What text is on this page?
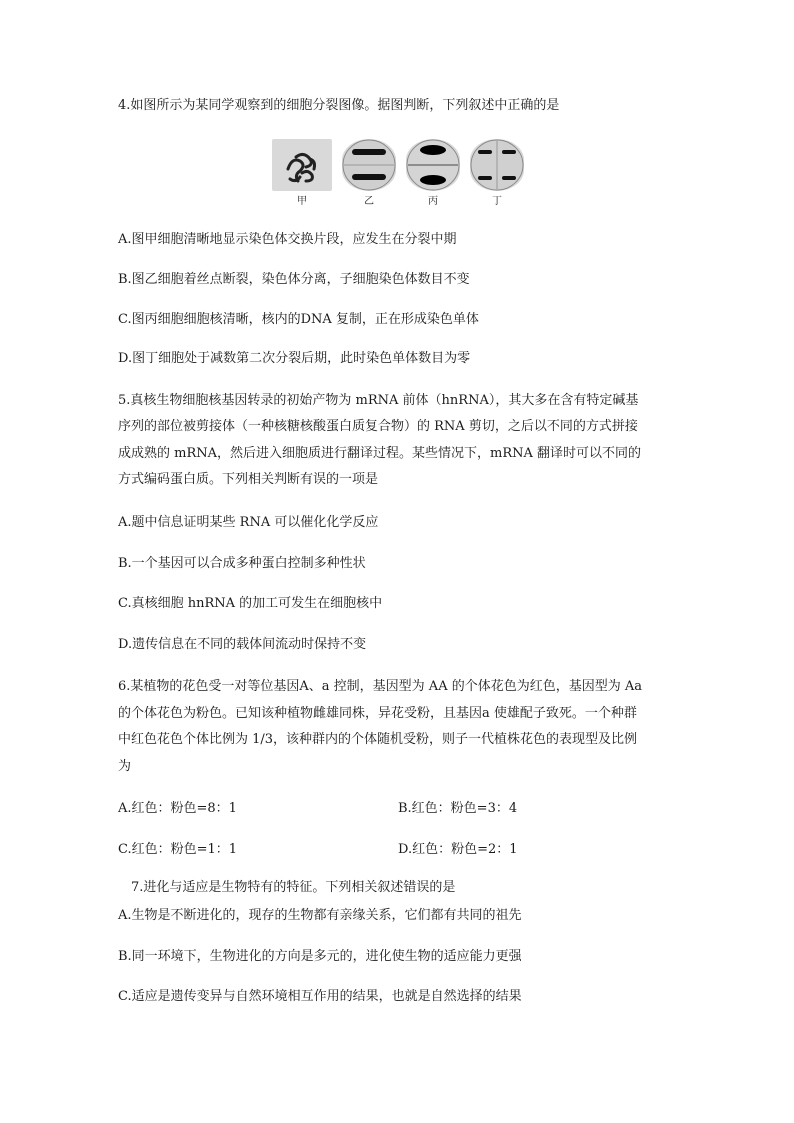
4.如图所示为某同学观察到的细胞分裂图像。据图判断，下列叙述中正确的是
甲	乙	丙	丁
A.图甲细胞清晰地显示染色体交换片段，应发生在分裂中期
B.图乙细胞着丝点断裂，染色体分离，子细胞染色体数目不变
C.图丙细胞细胞核清晰，核内的DNA 复制，正在形成染色单体
D.图丁细胞处于减数第二次分裂后期，此时染色单体数目为零
5.真核生物细胞核基因转录的初始产物为 mRNA 前体（hnRNA），其大多在含有特定碱基
序列的部位被剪接体（一种核糖核酸蛋白质复合物）的 RNA 剪切，之后以不同的方式拼接
成成熟的 mRNA，然后进入细胞质进行翻译过程。某些情况下，mRNA 翻译时可以不同的
方式编码蛋白质。下列相关判断有误的一项是
A.题中信息证明某些 RNA 可以催化化学反应
B.一个基因可以合成多种蛋白控制多种性状
C.真核细胞 hnRNA 的加工可发生在细胞核中
D.遗传信息在不同的载体间流动时保持不变
6.某植物的花色受一对等位基因A、a 控制，基因型为 AA 的个体花色为红色，基因型为 Aa
的个体花色为粉色。已知该种植物雌雄同株，异花受粉，且基因a 使雄配子致死。一个种群
中红色花色个体比例为 1/3，该种群内的个体随机受粉，则子一代植株花色的表现型及比例
为
A.红色：粉色=8：1	B.红色：粉色=3：4
C.红色：粉色=1：1	D.红色：粉色=2：1
7.进化与适应是生物特有的特征。下列相关叙述错误的是
A.生物是不断进化的，现存的生物都有亲缘关系，它们都有共同的祖先
B.同一环境下，生物进化的方向是多元的，进化使生物的适应能力更强
C.适应是遗传变异与自然环境相互作用的结果，也就是自然选择的结果
